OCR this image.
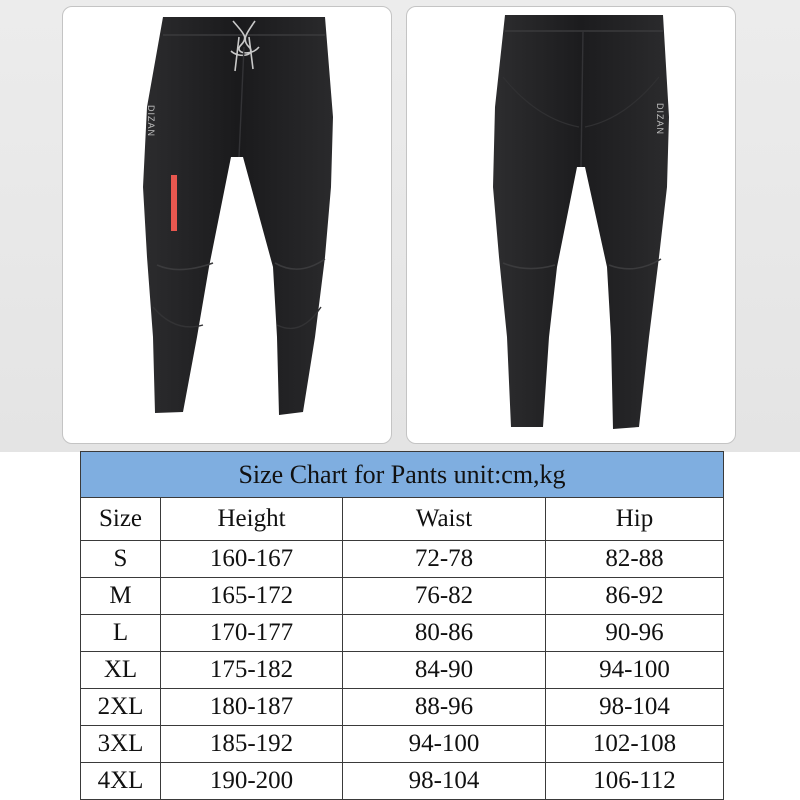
DIZAN	DIZAN
Size Chart for Pants unit:cm,kg			
Size	Height	Waist	Hip
S	160-167	72-78	82-88
M	165-172	76-82	86-92
L	170-177	80-86	90-96
XL	175-182	84-90	94-100
2XL	180-187	88-96	98-104
3XL	185-192	94-100	102-108
4XL	190-200	98-104	106-112
